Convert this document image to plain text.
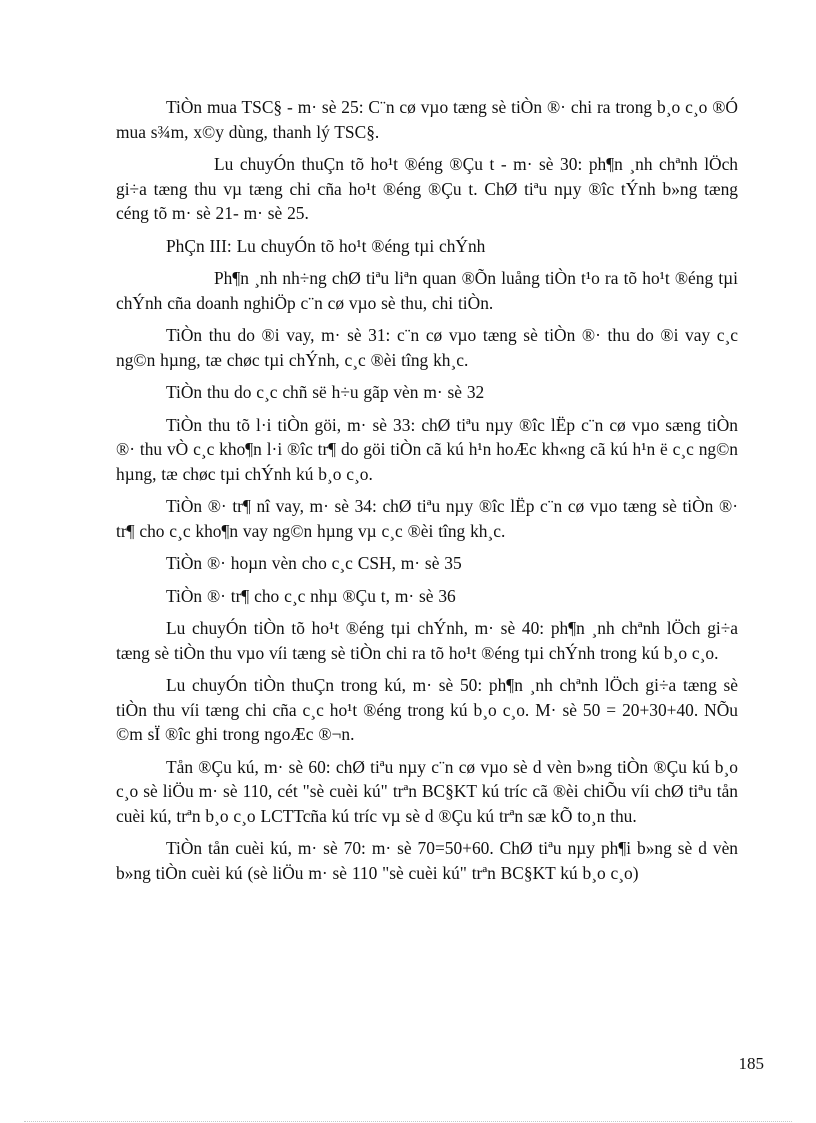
TiÒn mua TSC§ - m· sè 25: C¨n cø vµo tæng sè tiÒn ®· chi ra trong b¸o c¸o ®Ó mua s¾m, x©y dùng, thanh lý TSC§.

Lu chuyÓn thuÇn tõ ho¹t ®éng ®Çu t - m· sè 30: ph¶n ¸nh chªnh lÖch gi÷a tæng thu vµ tæng chi cña ho¹t ®éng ®Çu t. ChØ tiªu nµy ®îc tÝnh b»ng tæng céng tõ m· sè 21- m· sè 25.

PhÇn III: Lu chuyÓn tõ ho¹t ®éng tµi chÝnh

Ph¶n ¸nh nh÷ng chØ tiªu liªn quan ®Õn luång tiÒn t¹o ra tõ ho¹t ®éng tµi chÝnh cña doanh nghiÖp c¨n cø vµo sè thu, chi tiÒn.

TiÒn thu do ®i vay, m· sè 31: c¨n cø vµo tæng sè tiÒn ®· thu do ®i vay c¸c ng©n hµng, tæ chøc tµi chÝnh, c¸c ®èi tîng kh¸c.

TiÒn thu do c¸c chñ së h÷u gãp vèn m· sè 32

TiÒn thu tõ l·i tiÒn göi, m· sè 33: chØ tiªu nµy ®îc lËp c¨n cø vµo sæng tiÒn ®· thu vÒ c¸c kho¶n l·i ®îc tr¶ do göi tiÒn cã kú h¹n hoÆc kh«ng cã kú h¹n ë c¸c ng©n hµng, tæ chøc tµi chÝnh kú b¸o c¸o.

TiÒn ®· tr¶ nî vay, m· sè 34: chØ tiªu nµy ®îc lËp c¨n cø vµo tæng sè tiÒn ®· tr¶ cho c¸c kho¶n vay ng©n hµng vµ c¸c ®èi tîng kh¸c.

TiÒn ®· hoµn vèn cho c¸c CSH, m· sè 35

TiÒn ®· tr¶ cho c¸c nhµ ®Çu t, m· sè 36

Lu chuyÓn tiÒn tõ ho¹t ®éng tµi chÝnh, m· sè 40: ph¶n ¸nh chªnh lÖch gi÷a tæng sè tiÒn thu vµo víi tæng sè tiÒn chi ra tõ ho¹t ®éng tµi chÝnh trong kú b¸o c¸o.

Lu chuyÓn tiÒn thuÇn trong kú, m· sè 50: ph¶n ¸nh chªnh lÖch gi÷a tæng sè tiÒn thu víi tæng chi cña c¸c ho¹t ®éng trong kú b¸o c¸o. M· sè 50 = 20+30+40. NÕu ©m sÏ ®îc ghi trong ngoÆc ®¬n.

Tån ®Çu kú, m· sè 60: chØ tiªu nµy c¨n cø vµo sè d vèn b»ng tiÒn ®Çu kú b¸o c¸o sè liÖu m· sè 110, cét "sè cuèi kú" trªn BC§KT kú tríc cã ®èi chiÕu víi chØ tiªu tån cuèi kú, trªn b¸o c¸o LCTTcña kú tríc vµ sè d ®Çu kú trªn sæ kÕ to¸n thu.

TiÒn tån cuèi kú, m· sè 70: m· sè 70=50+60. ChØ tiªu nµy ph¶i b»ng sè d vèn b»ng tiÒn cuèi kú (sè liÖu m· sè 110 "sè cuèi kú" trªn BC§KT kú b¸o c¸o)

185
